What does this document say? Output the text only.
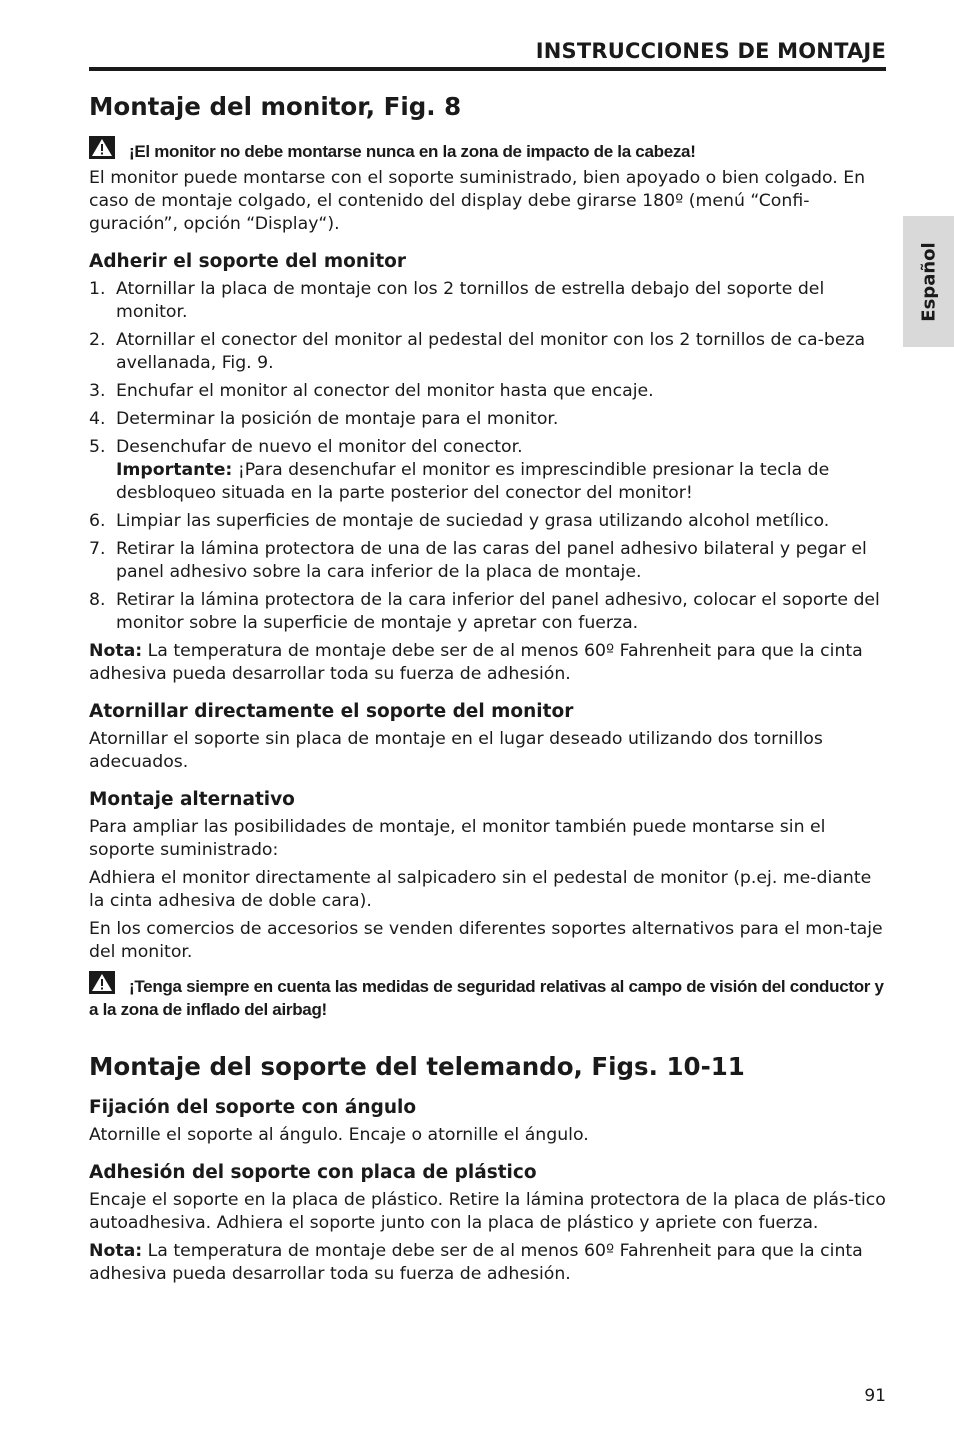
INSTRUCCIONES DE MONTAJE
Español
Montaje del monitor, Fig. 8
¡El monitor no debe montarse nunca en la zona de impacto de la cabeza!

El monitor puede montarse con el soporte suministrado, bien apoyado o bien colgado. En caso de montaje colgado, el contenido del display debe girarse 180º (menú “Confi-guración”, opción “Display“).

Adherir el soporte del monitor
1. Atornillar la placa de montaje con los 2 tornillos de estrella debajo del soporte del monitor.
2. Atornillar el conector del monitor al pedestal del monitor con los 2 tornillos de ca-beza avellanada, Fig. 9.
3. Enchufar el monitor al conector del monitor hasta que encaje.
4. Determinar la posición de montaje para el monitor.
5. Desenchufar de nuevo el monitor del conector.
Importante: ¡Para desenchufar el monitor es imprescindible presionar la tecla de desbloqueo situada en la parte posterior del conector del monitor!
6. Limpiar las superficies de montaje de suciedad y grasa utilizando alcohol metílico.
7. Retirar la lámina protectora de una de las caras del panel adhesivo bilateral y pegar el panel adhesivo sobre la cara inferior de la placa de montaje.
8. Retirar la lámina protectora de la cara inferior del panel adhesivo, colocar el soporte del monitor sobre la superficie de montaje y apretar con fuerza.

Nota: La temperatura de montaje debe ser de al menos 60º Fahrenheit para que la cinta adhesiva pueda desarrollar toda su fuerza de adhesión.

Atornillar directamente el soporte del monitor

Atornillar el soporte sin placa de montaje en el lugar deseado utilizando dos tornillos adecuados.

Montaje alternativo

Para ampliar las posibilidades de montaje, el monitor también puede montarse sin el soporte suministrado:

Adhiera el monitor directamente al salpicadero sin el pedestal de monitor (p.ej. me-diante la cinta adhesiva de doble cara).

En los comercios de accesorios se venden diferentes soportes alternativos para el mon-taje del monitor.

¡Tenga siempre en cuenta las medidas de seguridad relativas al campo de visión del conductor y a la zona de inflado del airbag!
Montaje del soporte del telemando, Figs. 10-11
Fijación del soporte con ángulo

Atornille el soporte al ángulo. Encaje o atornille el ángulo.

Adhesión del soporte con placa de plástico

Encaje el soporte en la placa de plástico. Retire la lámina protectora de la placa de plás-tico autoadhesiva. Adhiera el soporte junto con la placa de plástico y apriete con fuerza.

Nota: La temperatura de montaje debe ser de al menos 60º Fahrenheit para que la cinta adhesiva pueda desarrollar toda su fuerza de adhesión.

91
